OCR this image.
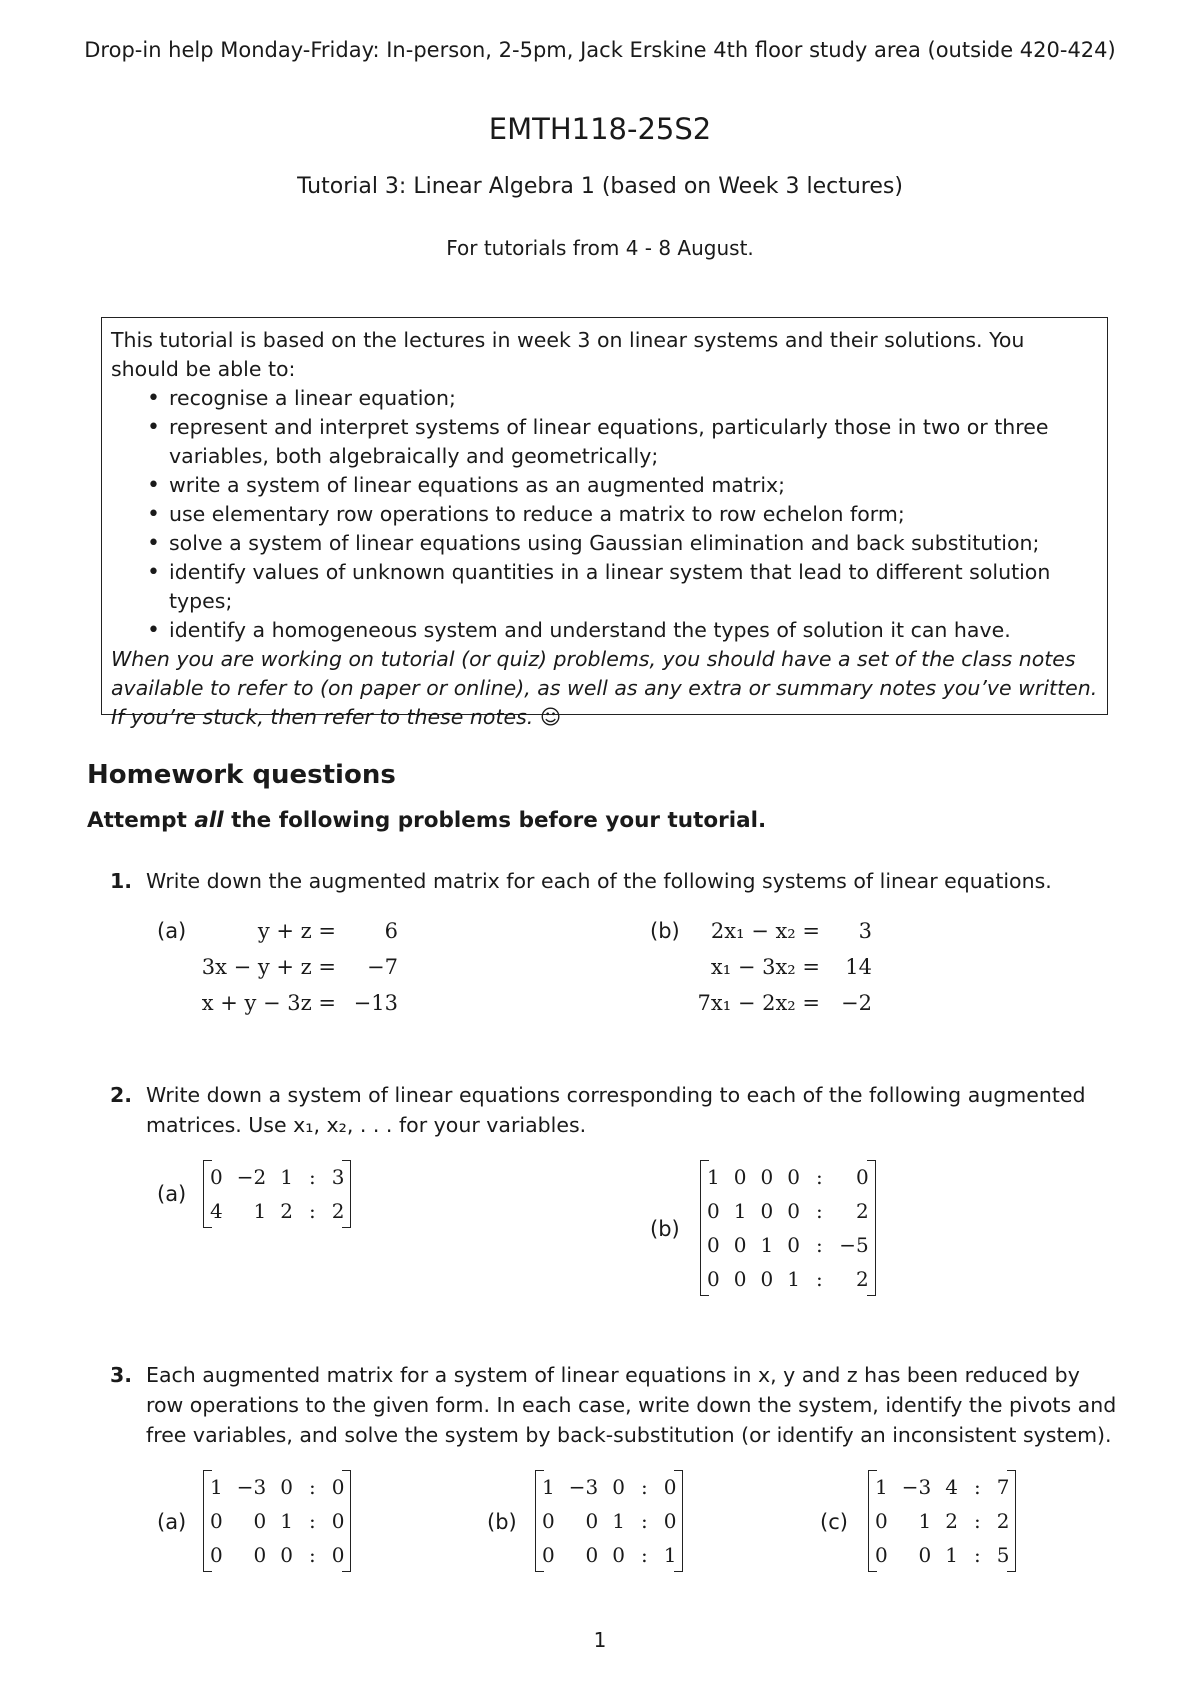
Drop-in help Monday-Friday: In-person, 2-5pm, Jack Erskine 4th floor study area (outside 420-424)
EMTH118-25S2
Tutorial 3: Linear Algebra 1 (based on Week 3 lectures)
For tutorials from 4 - 8 August.

This tutorial is based on the lectures in week 3 on linear systems and their solutions. You should be able to:

• recognise a linear equation;
• represent and interpret systems of linear equations, particularly those in two or three variables, both algebraically and geometrically;
• write a system of linear equations as an augmented matrix;
• use elementary row operations to reduce a matrix to row echelon form;
• solve a system of linear equations using Gaussian elimination and back substitution;
• identify values of unknown quantities in a linear system that lead to different solution types;
• identify a homogeneous system and understand the types of solution it can have.

When you are working on tutorial (or quiz) problems, you should have a set of the class notes available to refer to (on paper or online), as well as any extra or summary notes you’ve written. If you’re stuck, then refer to these notes. ☺

Homework questions
Attempt all the following problems before your tutorial.
1. Write down the augmented matrix for each of the following systems of linear equations.
(a)	y + z = 6
3x − y + z = −7
x + y − 3z = −13
(b) 2x₁ − x₂ = 3
x₁ − 3x₂ = 14
7x₁ − 2x₂ = −2
2. Write down a system of linear equations corresponding to each of the following augmented matrices. Use x₁, x₂, . . . for your variables.
(a)
0	−2	1	:	3
4	1	2	:	2
(b)
1	0	0	0	:	0
0	1	0	0	:	2
0	0	1	0	:	−5
0	0	0	1	:	2
3. Each augmented matrix for a system of linear equations in x, y and z has been reduced by row operations to the given form. In each case, write down the system, identify the pivots and free variables, and solve the system by back-substitution (or identify an inconsistent system).
(a)
1	−3	0	:	0
0	0	1	:	0
0	0	0	:	0
(b)
1	−3	0	:	0
0	0	1	:	0
0	0	0	:	1
(c)
1	−3	4	:	7
0	1	2	:	2
0	0	1	:	5
1
